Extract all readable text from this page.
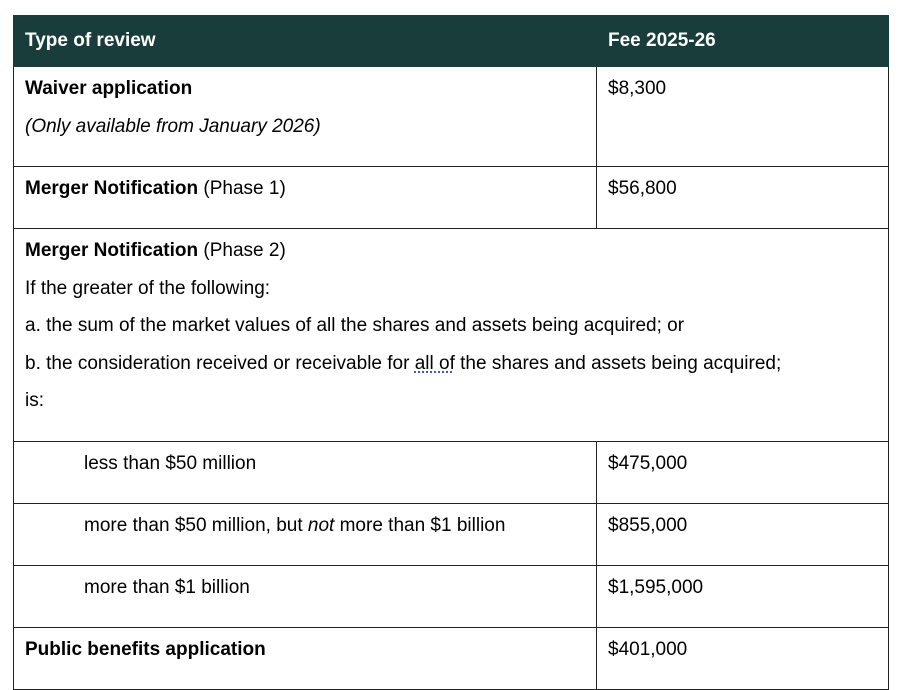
Type of review	Fee 2025-26

Waiver application
(Only available from January 2026)	$8,300
Merger Notification (Phase 1)	$56,800

Merger Notification (Phase 2)
If the greater of the following:
a. the sum of the market values of all the shares and assets being acquired; or
b. the consideration received or receivable for all of the shares and assets being acquired;
is:	

less than $50 million	$475,000
more than $50 million, but not more than $1 billion	$855,000
more than $1 billion	$1,595,000
Public benefits application	$401,000
